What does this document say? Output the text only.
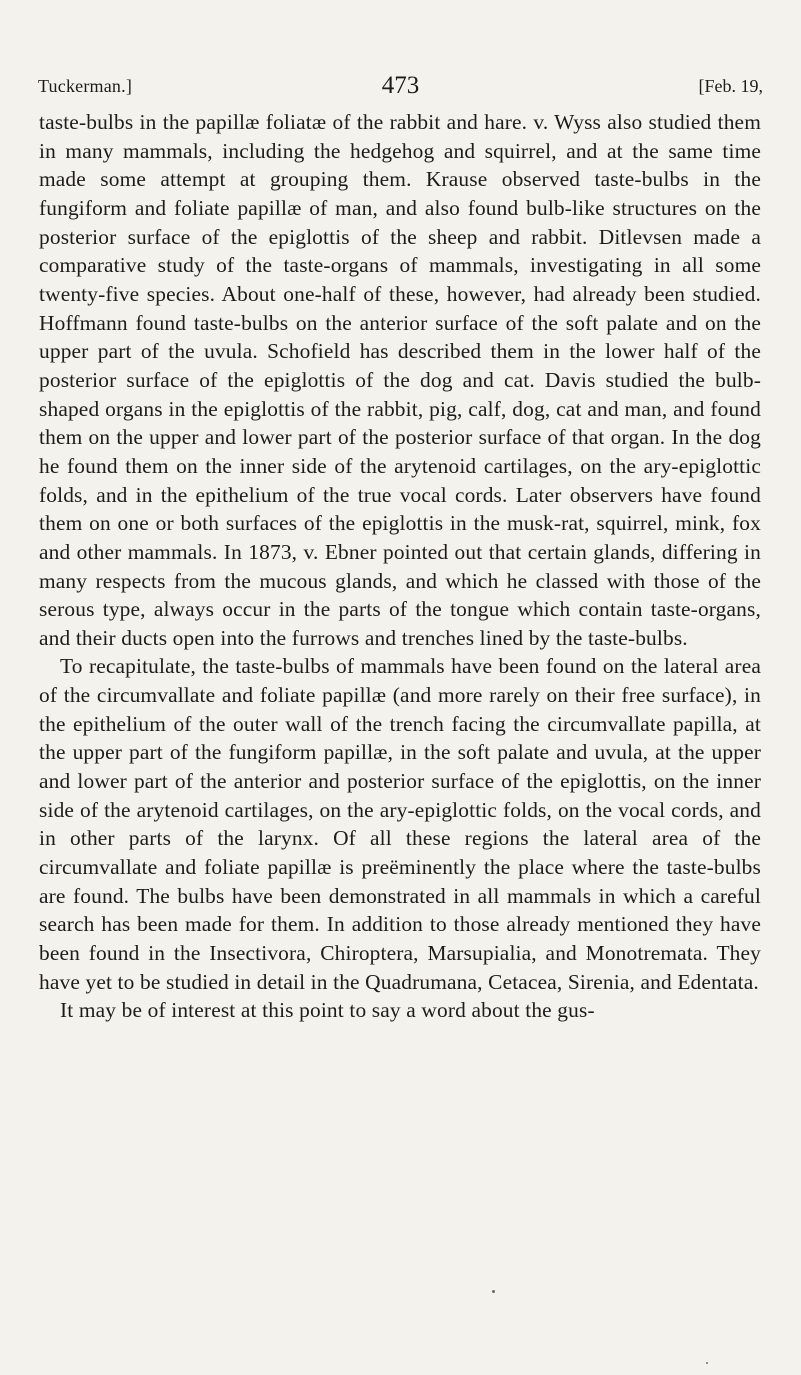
Tuckerman.]	473	[Feb. 19,

taste-bulbs in the papillæ foliatæ of the rabbit and hare. v. Wyss also studied them in many mammals, including the hedgehog and squirrel, and at the same time made some attempt at grouping them. Krause observed taste-bulbs in the fungiform and foliate papillæ of man, and also found bulb-like structures on the posterior surface of the epiglottis of the sheep and rabbit. Ditlevsen made a comparative study of the taste-organs of mammals, investigating in all some twenty-five species. About one-half of these, however, had already been studied. Hoffmann found taste-bulbs on the anterior surface of the soft palate and on the upper part of the uvula. Schofield has described them in the lower half of the posterior surface of the epiglottis of the dog and cat. Davis studied the bulb-shaped organs in the epiglottis of the rabbit, pig, calf, dog, cat and man, and found them on the upper and lower part of the posterior surface of that organ. In the dog he found them on the inner side of the arytenoid cartilages, on the ary-epiglottic folds, and in the epithelium of the true vocal cords. Later observers have found them on one or both surfaces of the epiglottis in the musk-rat, squirrel, mink, fox and other mammals. In 1873, v. Ebner pointed out that certain glands, differing in many respects from the mucous glands, and which he classed with those of the serous type, always occur in the parts of the tongue which contain taste-organs, and their ducts open into the furrows and trenches lined by the taste-bulbs.

To recapitulate, the taste-bulbs of mammals have been found on the lateral area of the circumvallate and foliate papillæ (and more rarely on their free surface), in the epithelium of the outer wall of the trench facing the circumvallate papilla, at the upper part of the fungiform papillæ, in the soft palate and uvula, at the upper and lower part of the anterior and posterior surface of the epiglottis, on the inner side of the arytenoid cartilages, on the ary-epiglottic folds, on the vocal cords, and in other parts of the larynx. Of all these regions the lateral area of the circumvallate and foliate papillæ is preëminently the place where the taste-bulbs are found. The bulbs have been demonstrated in all mammals in which a careful search has been made for them. In addition to those already mentioned they have been found in the Insectivora, Chiroptera, Marsupialia, and Monotremata. They have yet to be studied in detail in the Quadrumana, Cetacea, Sirenia, and Edentata.

It may be of interest at this point to say a word about the gus-
